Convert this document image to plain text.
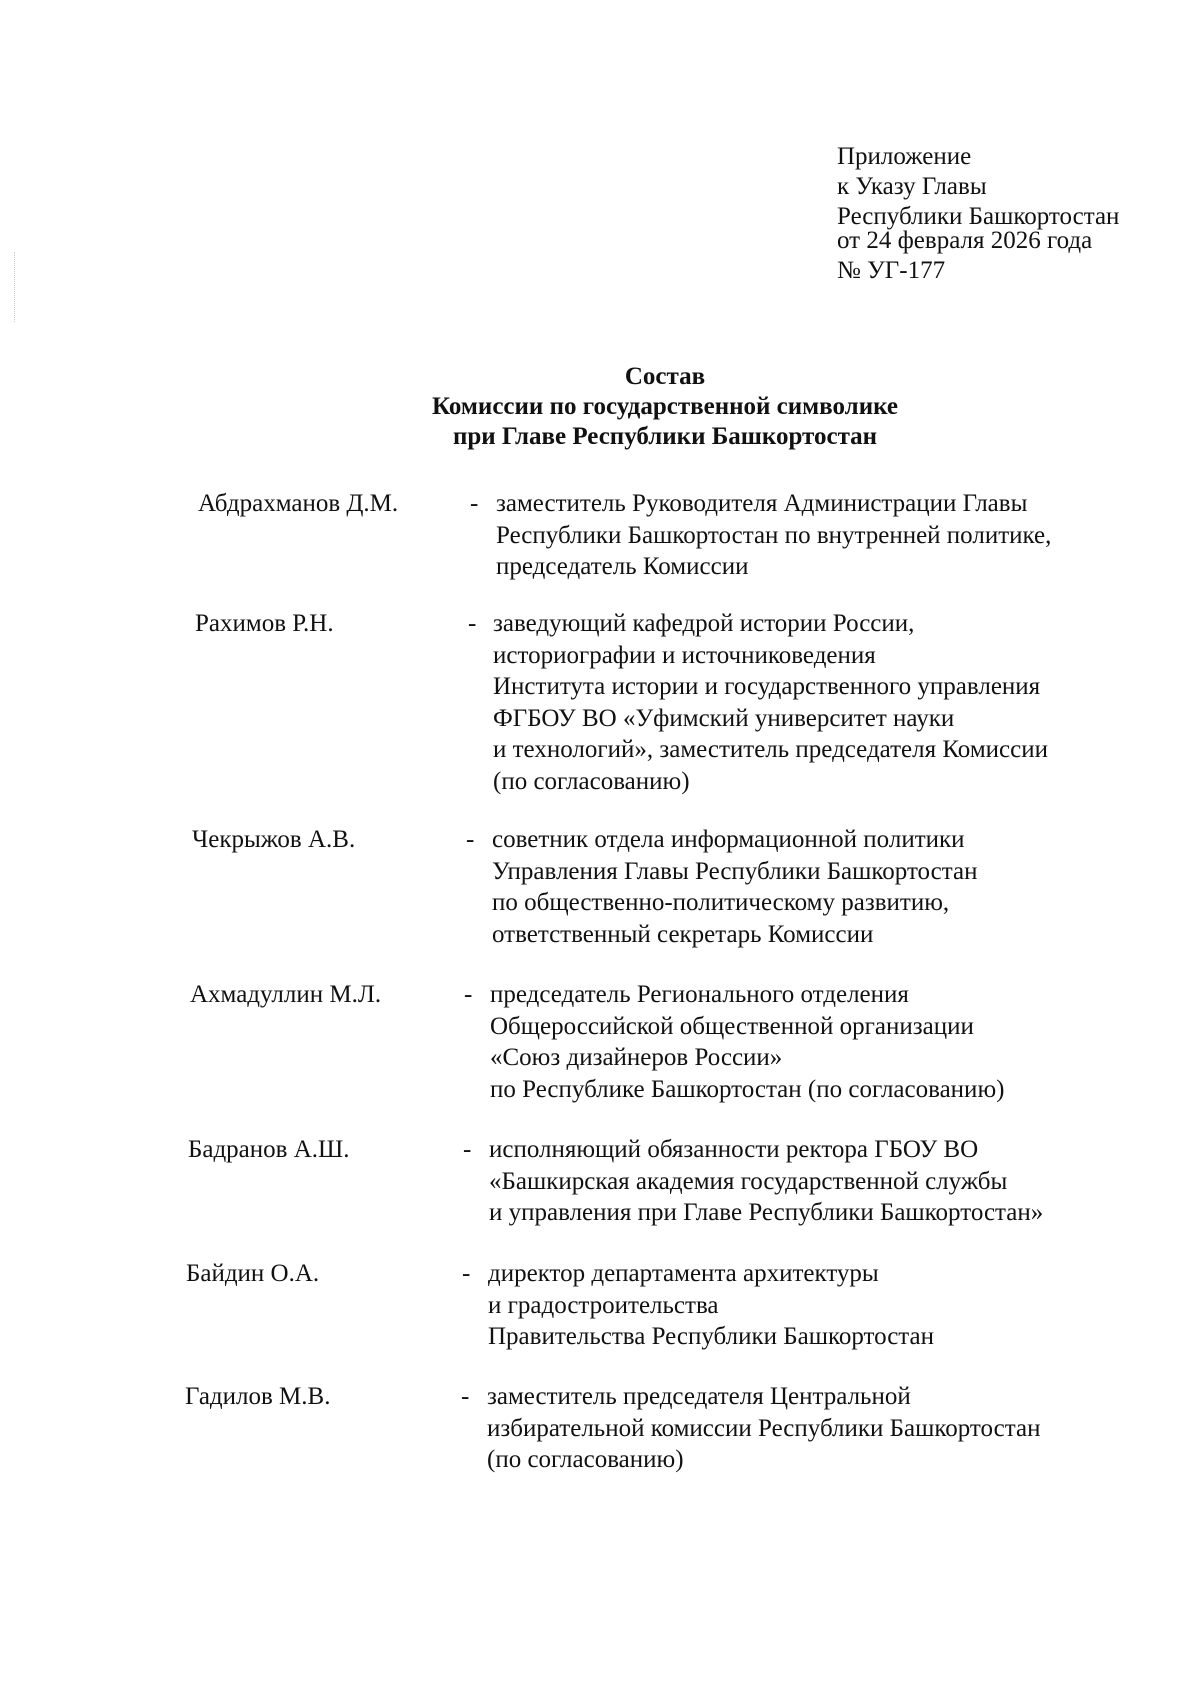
Приложение
к Указу Главы
Республики Башкортостан
от 24 февраля 2026 года
№ УГ-177
Состав
Комиссии по государственной символике
при Главе Республики Башкортостан
Абдрахманов Д.М.	- заместитель Руководителя Администрации Главы
Республики Башкортостан по внутренней политике,
председатель Комиссии
Рахимов Р.Н.	- заведующий кафедрой истории России,
историографии и источниковедения
Института истории и государственного управления
ФГБОУ ВО «Уфимский университет науки
и технологий», заместитель председателя Комиссии
(по согласованию)
Чекрыжов А.В.	- советник отдела информационной политики
Управления Главы Республики Башкортостан
по общественно-политическому развитию,
ответственный секретарь Комиссии
Ахмадуллин М.Л.	- председатель Регионального отделения
Общероссийской общественной организации
«Союз дизайнеров России»
по Республике Башкортостан (по согласованию)
Бадранов А.Ш.	- исполняющий обязанности ректора ГБОУ ВО
«Башкирская академия государственной службы
и управления при Главе Республики Башкортостан»
Байдин О.А.	- директор департамента архитектуры
и градостроительства
Правительства Республики Башкортостан
Гадилов М.В.	- заместитель председателя Центральной
избирательной комиссии Республики Башкортостан
(по согласованию)
